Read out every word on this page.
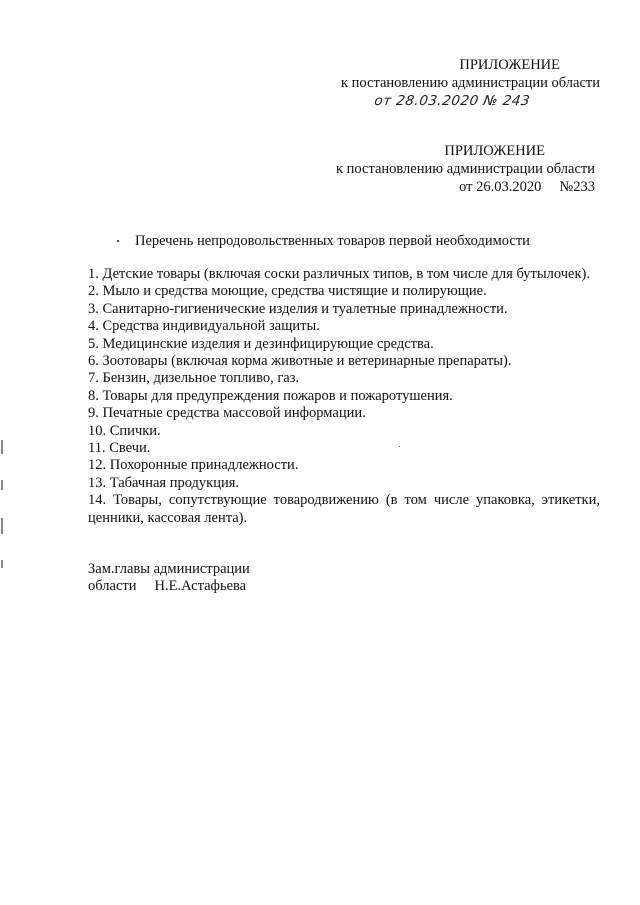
ПРИЛОЖЕНИЕ
к постановлению администрации области
от 28.03.2020 № 243
ПРИЛОЖЕНИЕ
к постановлению администрации области
от 26.03.2020 №233
Перечень непродовольственных товаров первой необходимости

1. Детские товары (включая соски различных типов, в том числе для бутылочек).

2. Мыло и средства моющие, средства чистящие и полирующие.

3. Санитарно-гигиенические изделия и туалетные принадлежности.

4. Средства индивидуальной защиты.

5. Медицинские изделия и дезинфицирующие средства.

6. Зоотовары (включая корма животные и ветеринарные препараты).

7. Бензин, дизельное топливо, газ.

8. Товары для предупреждения пожаров и пожаротушения.

9. Печатные средства массовой информации.

10. Спички.

11. Свечи.

12. Похоронные принадлежности.

13. Табачная продукция.

14. Товары, сопутствующие товародвижению (в том числе упаковка, этикетки, ценники, кассовая лента).

Зам.главы администрации
области Н.Е.Астафьева
